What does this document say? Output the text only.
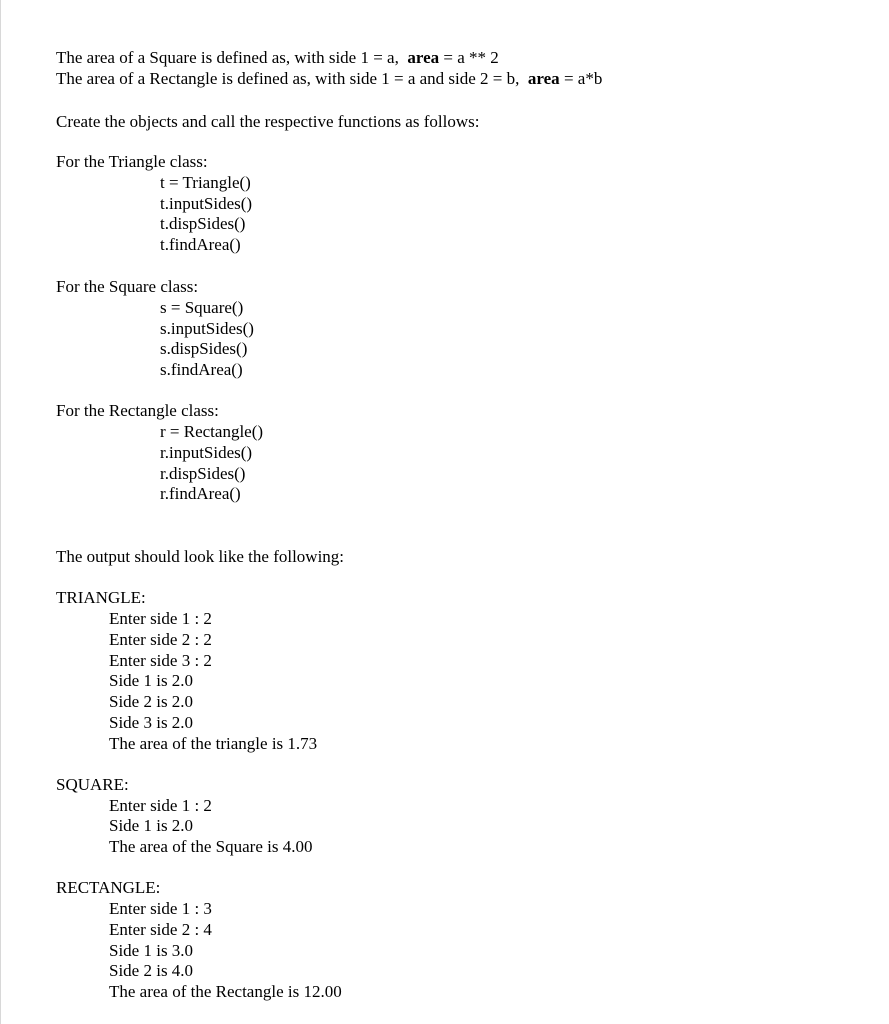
The area of a Square is defined as, with side 1 = a, area = a ** 2
The area of a Rectangle is defined as, with side 1 = a and side 2 = b, area = a*b
Create the objects and call the respective functions as follows:
For the Triangle class:
t = Triangle()
t.inputSides()
t.dispSides()
t.findArea()
For the Square class:
s = Square()
s.inputSides()
s.dispSides()
s.findArea()
For the Rectangle class:
r = Rectangle()
r.inputSides()
r.dispSides()
r.findArea()
The output should look like the following:
TRIANGLE:
Enter side 1 : 2
Enter side 2 : 2
Enter side 3 : 2
Side 1 is 2.0
Side 2 is 2.0
Side 3 is 2.0
The area of the triangle is 1.73
SQUARE:
Enter side 1 : 2
Side 1 is 2.0
The area of the Square is 4.00
RECTANGLE:
Enter side 1 : 3
Enter side 2 : 4
Side 1 is 3.0
Side 2 is 4.0
The area of the Rectangle is 12.00
